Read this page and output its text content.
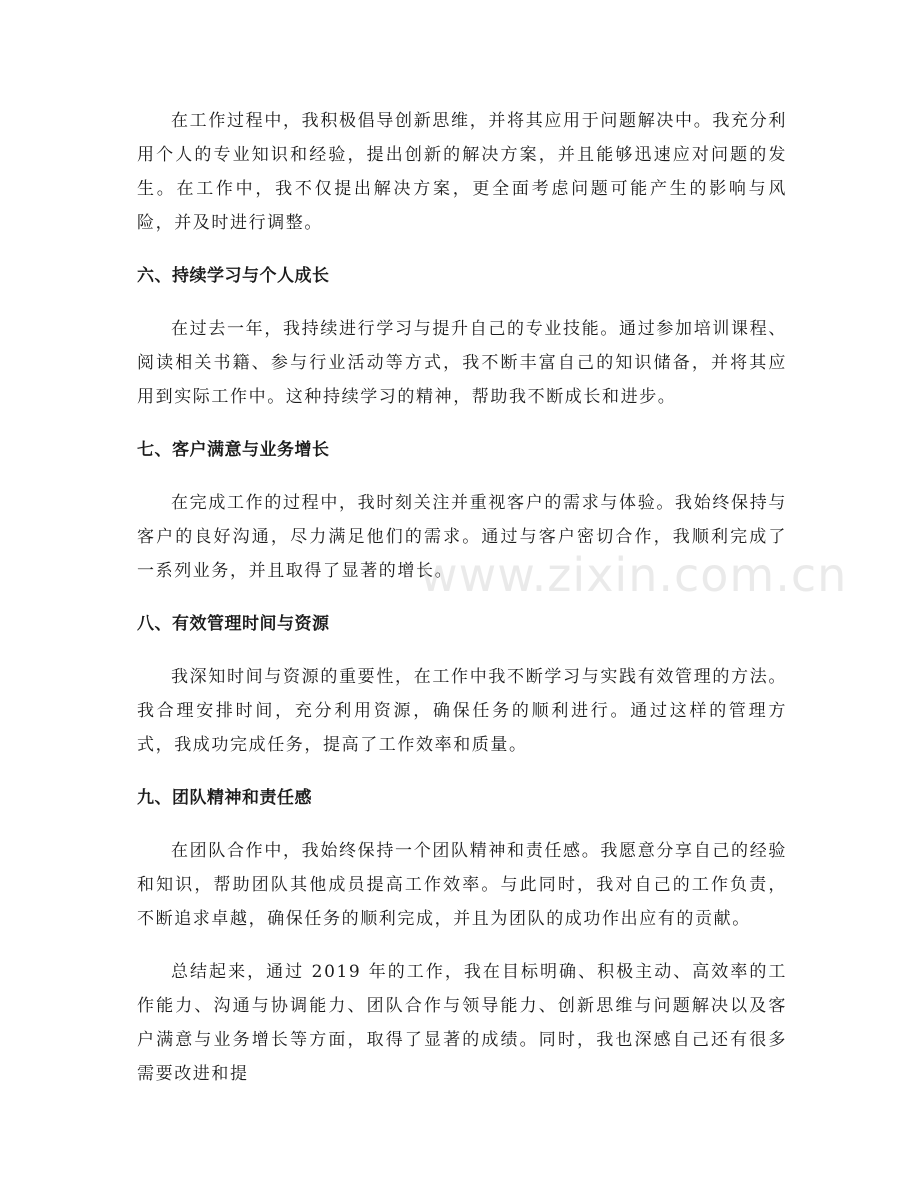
在工作过程中，我积极倡导创新思维，并将其应用于问题解决中。我充分利用个人的专业知识和经验，提出创新的解决方案，并且能够迅速应对问题的发生。在工作中，我不仅提出解决方案，更全面考虑问题可能产生的影响与风险，并及时进行调整。

六、持续学习与个人成长

在过去一年，我持续进行学习与提升自己的专业技能。通过参加培训课程、阅读相关书籍、参与行业活动等方式，我不断丰富自己的知识储备，并将其应用到实际工作中。这种持续学习的精神，帮助我不断成长和进步。

七、客户满意与业务增长

在完成工作的过程中，我时刻关注并重视客户的需求与体验。我始终保持与客户的良好沟通，尽力满足他们的需求。通过与客户密切合作，我顺利完成了一系列业务，并且取得了显著的增长。

八、有效管理时间与资源

我深知时间与资源的重要性，在工作中我不断学习与实践有效管理的方法。我合理安排时间，充分利用资源，确保任务的顺利进行。通过这样的管理方式，我成功完成任务，提高了工作效率和质量。

九、团队精神和责任感

在团队合作中，我始终保持一个团队精神和责任感。我愿意分享自己的经验和知识，帮助团队其他成员提高工作效率。与此同时，我对自己的工作负责，不断追求卓越，确保任务的顺利完成，并且为团队的成功作出应有的贡献。

总结起来，通过 2019 年的工作，我在目标明确、积极主动、高效率的工作能力、沟通与协调能力、团队合作与领导能力、创新思维与问题解决以及客户满意与业务增长等方面，取得了显著的成绩。同时，我也深感自己还有很多需要改进和提

www.zixin.com.cn
